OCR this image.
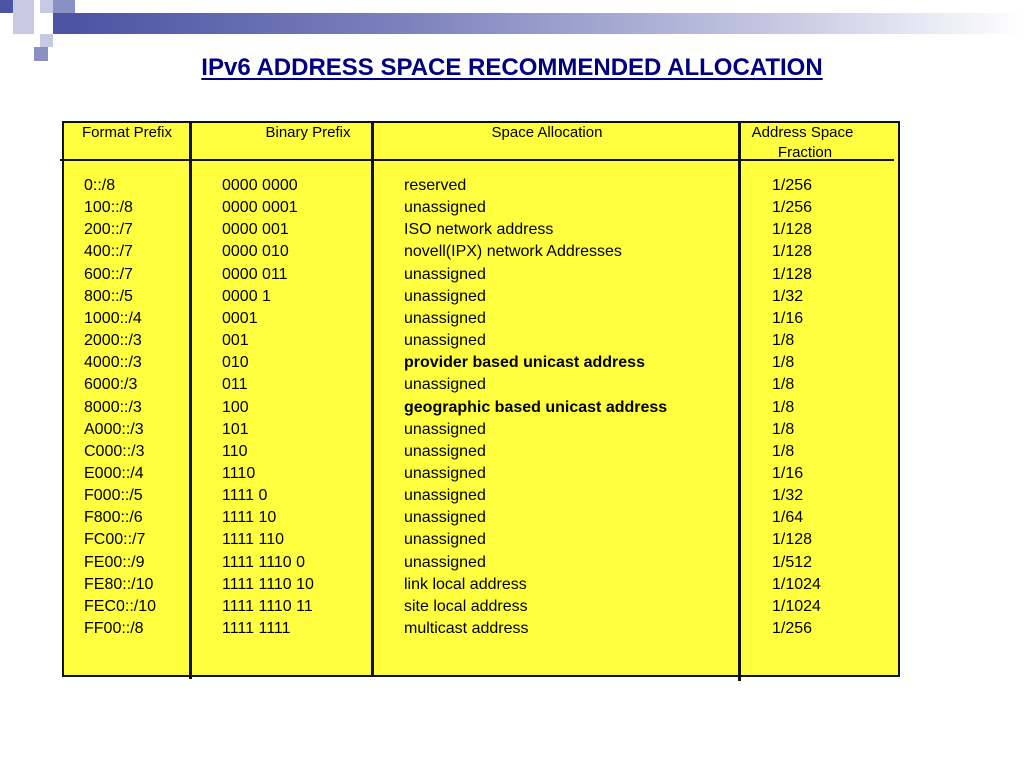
IPv6 ADDRESS SPACE RECOMMENDED ALLOCATION
Format Prefix	Binary Prefix	Space Allocation	Address Space
Fraction
0::/8	0000 0000	reserved	1/256
100::/8	0000 0001	unassigned	1/256
200::/7	0000 001	ISO network address	1/128
400::/7	0000 010	novell(IPX) network Addresses	1/128
600::/7	0000 011	unassigned	1/128
800::/5	0000 1	unassigned	1/32
1000::/4	0001	unassigned	1/16
2000::/3	001	unassigned	1/8
4000::/3	010	provider based unicast address	1/8
6000:/3	011	unassigned	1/8
8000::/3	100	geographic based unicast address	1/8
A000::/3	101	unassigned	1/8
C000::/3	110	unassigned	1/8
E000::/4	1110	unassigned	1/16
F000::/5	1111 0	unassigned	1/32
F800::/6	1111 10	unassigned	1/64
FC00::/7	1111 110	unassigned	1/128
FE00::/9	1111 1110 0	unassigned	1/512
FE80::/10	1111 1110 10	link local address	1/1024
FEC0::/10	1111 1110 11	site local address	1/1024
FF00::/8	1111 1111	multicast address	1/256
